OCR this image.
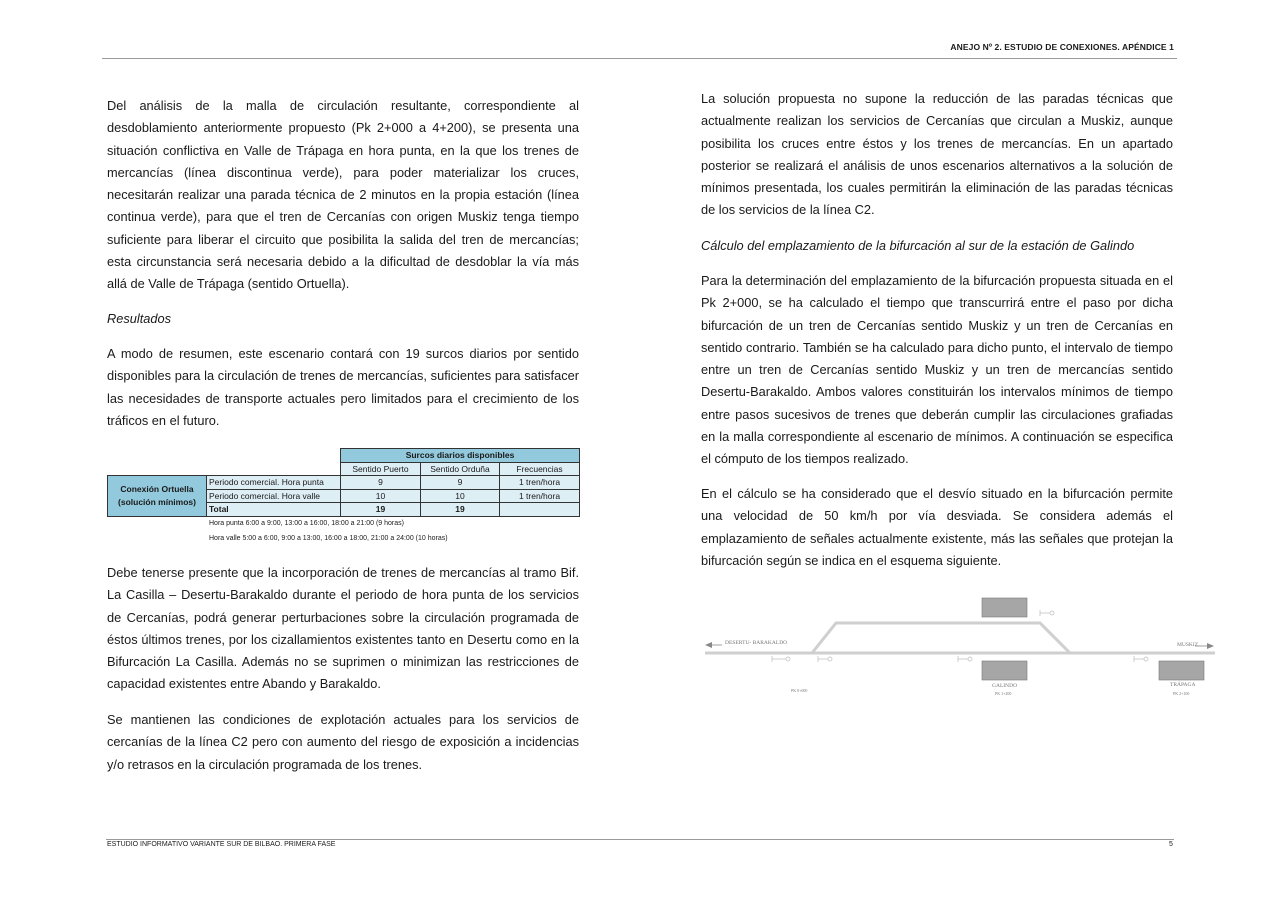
ANEJO Nº 2. ESTUDIO DE CONEXIONES. APÉNDICE 1

Del análisis de la malla de circulación resultante, correspondiente al desdoblamiento anteriormente propuesto (Pk 2+000 a 4+200), se presenta una situación conflictiva en Valle de Trápaga en hora punta, en la que los trenes de mercancías (línea discontinua verde), para poder materializar los cruces, necesitarán realizar una parada técnica de 2 minutos en la propia estación (línea continua verde), para que el tren de Cercanías con origen Muskiz tenga tiempo suficiente para liberar el circuito que posibilita la salida del tren de mercancías; esta circunstancia será necesaria debido a la dificultad de desdoblar la vía más allá de Valle de Trápaga (sentido Ortuella).

Resultados

A modo de resumen, este escenario contará con 19 surcos diarios por sentido disponibles para la circulación de trenes de mercancías, suficientes para satisfacer las necesidades de transporte actuales pero limitados para el crecimiento de los tráficos en el futuro.

		Surcos diarios disponibles		
		Sentido Puerto	Sentido Orduña	Frecuencias
Conexión Ortuella (solución mínimos)	Periodo comercial. Hora punta	9	9	1 tren/hora
	Periodo comercial. Hora valle	10	10	1 tren/hora
	Total	19	19	
Hora punta 6:00 a 9:00, 13:00 a 16:00, 18:00 a 21:00 (9 horas)
Hora valle 5:00 a 6:00, 9:00 a 13:00, 16:00 a 18:00, 21:00 a 24:00 (10 horas)

Debe tenerse presente que la incorporación de trenes de mercancías al tramo Bif. La Casilla – Desertu-Barakaldo durante el periodo de hora punta de los servicios de Cercanías, podrá generar perturbaciones sobre la circulación programada de éstos últimos trenes, por los cizallamientos existentes tanto en Desertu como en la Bifurcación La Casilla. Además no se suprimen o minimizan las restricciones de capacidad existentes entre Abando y Barakaldo.

Se mantienen las condiciones de explotación actuales para los servicios de cercanías de la línea C2 pero con aumento del riesgo de exposición a incidencias y/o retrasos en la circulación programada de los trenes.

La solución propuesta no supone la reducción de las paradas técnicas que actualmente realizan los servicios de Cercanías que circulan a Muskiz, aunque posibilita los cruces entre éstos y los trenes de mercancías. En un apartado posterior se realizará el análisis de unos escenarios alternativos a la solución de mínimos presentada, los cuales permitirán la eliminación de las paradas técnicas de los servicios de la línea C2.

Cálculo del emplazamiento de la bifurcación al sur de la estación de Galindo

Para la determinación del emplazamiento de la bifurcación propuesta situada en el Pk 2+000, se ha calculado el tiempo que transcurrirá entre el paso por dicha bifurcación de un tren de Cercanías sentido Muskiz y un tren de Cercanías en sentido contrario. También se ha calculado para dicho punto, el intervalo de tiempo entre un tren de Cercanías sentido Muskiz y un tren de mercancías sentido Desertu-Barakaldo. Ambos valores constituirán los intervalos mínimos de tiempo entre pasos sucesivos de trenes que deberán cumplir las circulaciones grafiadas en la malla correspondiente al escenario de mínimos. A continuación se especifica el cómputo de los tiempos realizado.

En el cálculo se ha considerado que el desvío situado en la bifurcación permite una velocidad de 50 km/h por vía desviada. Se considera además el emplazamiento de señales actualmente existente, más las señales que protejan la bifurcación según se indica en el esquema siguiente.

DESERTU- BARAKALDO	MUSKIZ
GALINDO	TRÁPAGA
PK 0+000
PK 1+200	PK 2+100
ESTUDIO INFORMATIVO VARIANTE SUR DE BILBAO. PRIMERA FASE	5
